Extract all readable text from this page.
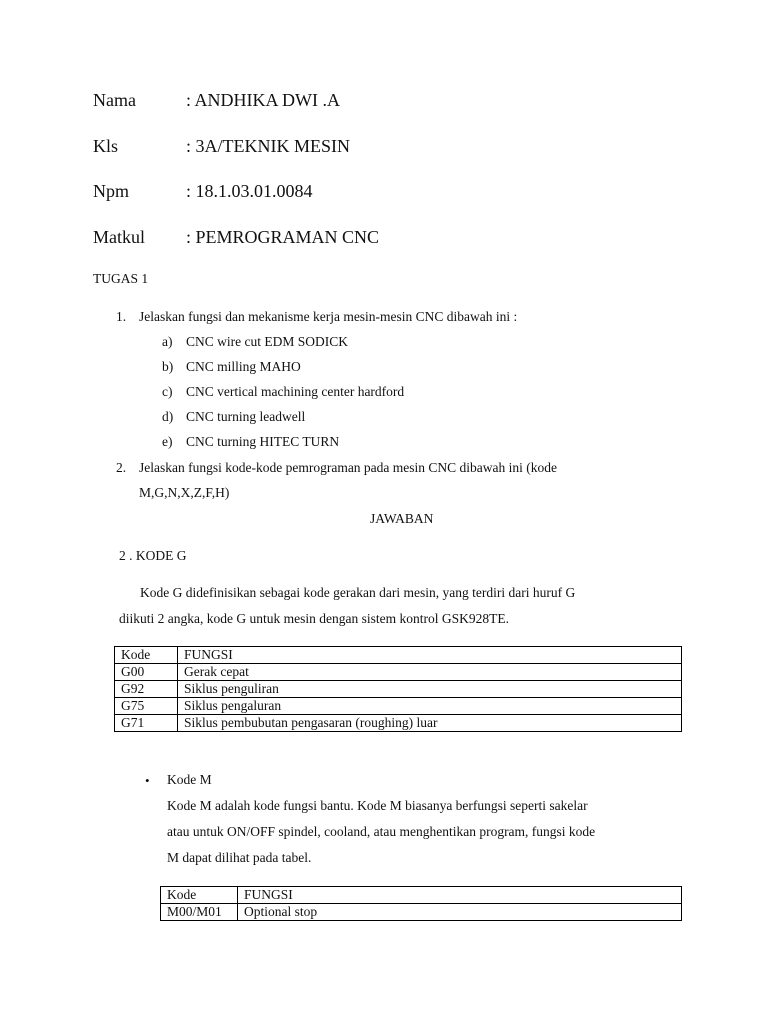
Nama	: ANDHIKA DWI .A
Kls	: 3A/TEKNIK MESIN
Npm	: 18.1.03.01.0084
Matkul : PEMROGRAMAN CNC
TUGAS 1
1. Jelaskan fungsi dan mekanisme kerja mesin-mesin CNC dibawah ini :
a) CNC wire cut EDM SODICK
b) CNC milling MAHO
c) CNC vertical machining center hardford
d) CNC turning leadwell
e) CNC turning HITEC TURN
2. Jelaskan fungsi kode-kode pemrograman pada mesin CNC dibawah ini (kode
M,G,N,X,Z,F,H)
JAWABAN
2 . KODE G
Kode G didefinisikan sebagai kode gerakan dari mesin, yang terdiri dari huruf G
diikuti 2 angka, kode G untuk mesin dengan sistem kontrol GSK928TE.
Kode	FUNGSI
G00	Gerak cepat
G92	Siklus penguliran
G75	Siklus pengaluran
G71	Siklus pembubutan pengasaran (roughing) luar
• Kode M
Kode M adalah kode fungsi bantu. Kode M biasanya berfungsi seperti sakelar
atau untuk ON/OFF spindel, cooland, atau menghentikan program, fungsi kode
M dapat dilihat pada tabel.
Kode	FUNGSI
M00/M01	Optional stop
